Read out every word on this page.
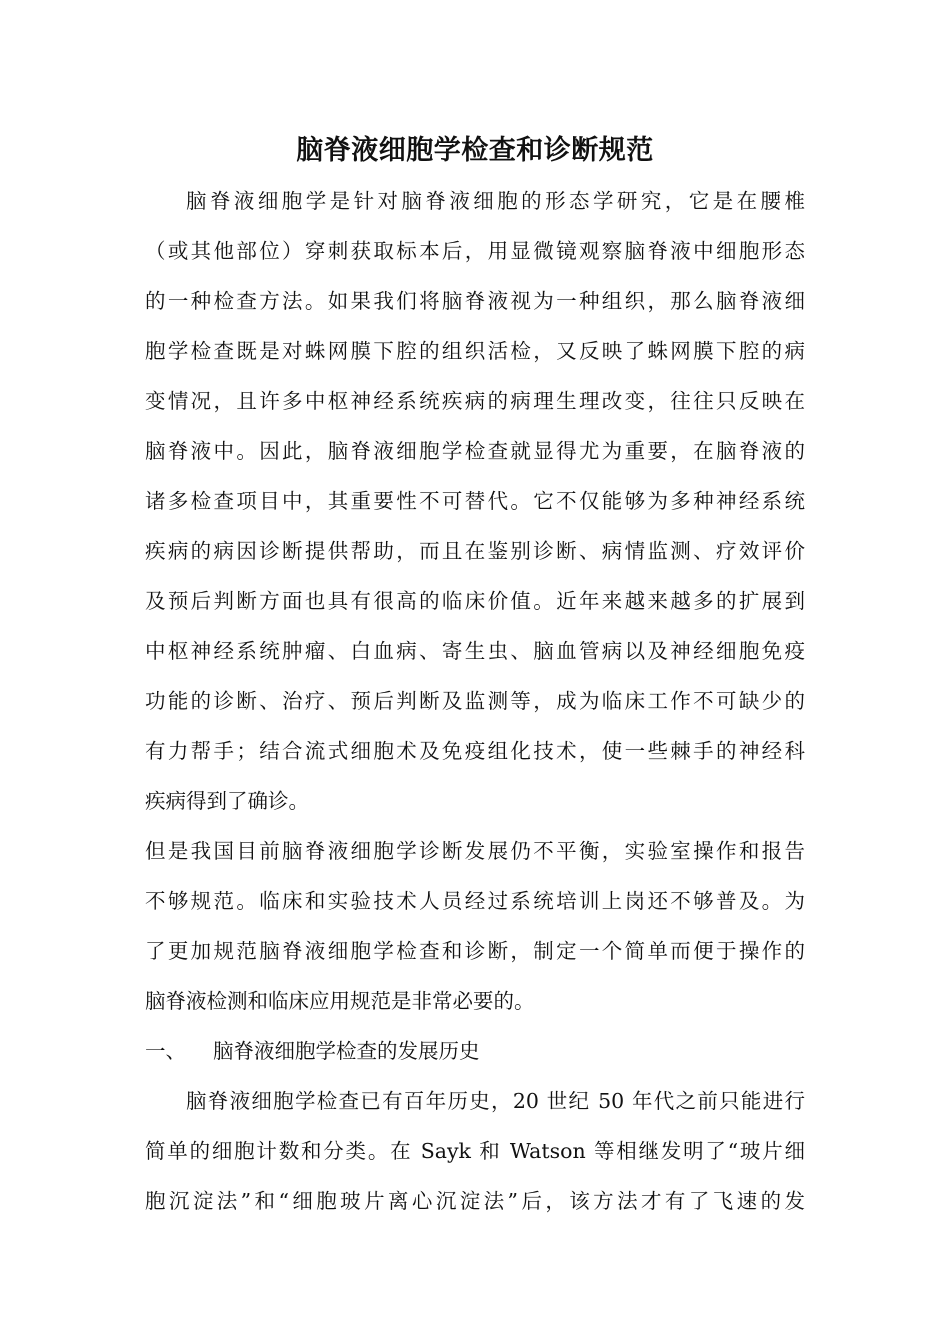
脑脊液细胞学检查和诊断规范
脑脊液细胞学是针对脑脊液细胞的形态学研究，它是在腰椎
（或其他部位）穿刺获取标本后，用显微镜观察脑脊液中细胞形态
的一种检查方法。如果我们将脑脊液视为一种组织，那么脑脊液细
胞学检查既是对蛛网膜下腔的组织活检，又反映了蛛网膜下腔的病
变情况，且许多中枢神经系统疾病的病理生理改变，往往只反映在
脑脊液中。因此，脑脊液细胞学检查就显得尤为重要，在脑脊液的
诸多检查项目中，其重要性不可替代。它不仅能够为多种神经系统
疾病的病因诊断提供帮助，而且在鉴别诊断、病情监测、疗效评价
及预后判断方面也具有很高的临床价值。近年来越来越多的扩展到
中枢神经系统肿瘤、白血病、寄生虫、脑血管病以及神经细胞免疫
功能的诊断、治疗、预后判断及监测等，成为临床工作不可缺少的
有力帮手；结合流式细胞术及免疫组化技术，使一些棘手的神经科
疾病得到了确诊。
但是我国目前脑脊液细胞学诊断发展仍不平衡，实验室操作和报告
不够规范。临床和实验技术人员经过系统培训上岗还不够普及。为
了更加规范脑脊液细胞学检查和诊断，制定一个简单而便于操作的
脑脊液检测和临床应用规范是非常必要的。
一、	脑脊液细胞学检查的发展历史
脑脊液细胞学检查已有百年历史，20 世纪 50 年代之前只能进行
简单的细胞计数和分类。在 Sayk 和 Watson 等相继发明了“玻片细
胞沉淀法”和“细胞玻片离心沉淀法”后，该方法才有了飞速的发
